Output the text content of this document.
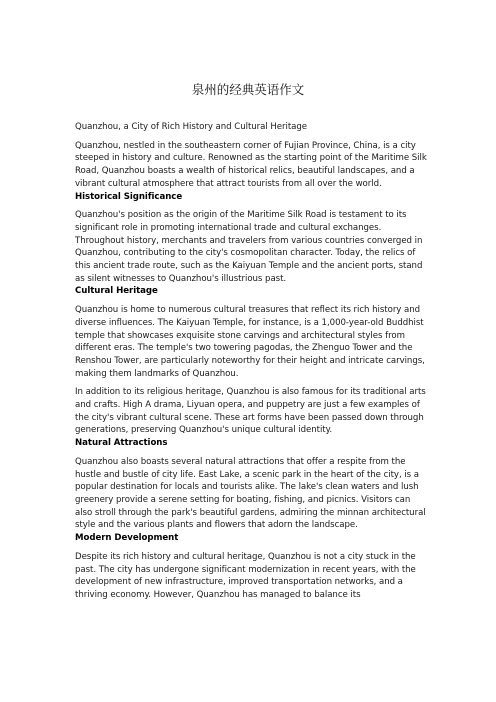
泉州的经典英语作文

Quanzhou, a City of Rich History and Cultural Heritage

Quanzhou, nestled in the southeastern corner of Fujian Province, China, is a city steeped in history and culture. Renowned as the starting point of the Maritime Silk Road, Quanzhou boasts a wealth of historical relics, beautiful landscapes, and a vibrant cultural atmosphere that attract tourists from all over the world.

Historical Significance

Quanzhou's position as the origin of the Maritime Silk Road is testament to its significant role in promoting international trade and cultural exchanges. Throughout history, merchants and travelers from various countries converged in Quanzhou, contributing to the city's cosmopolitan character. Today, the relics of this ancient trade route, such as the Kaiyuan Temple and the ancient ports, stand as silent witnesses to Quanzhou's illustrious past.

Cultural Heritage

Quanzhou is home to numerous cultural treasures that reflect its rich history and diverse influences. The Kaiyuan Temple, for instance, is a 1,000-year-old Buddhist temple that showcases exquisite stone carvings and architectural styles from different eras. The temple's two towering pagodas, the Zhenguo Tower and the Renshou Tower, are particularly noteworthy for their height and intricate carvings, making them landmarks of Quanzhou.

In addition to its religious heritage, Quanzhou is also famous for its traditional arts and crafts. High A drama, Liyuan opera, and puppetry are just a few examples of the city's vibrant cultural scene. These art forms have been passed down through generations, preserving Quanzhou's unique cultural identity.

Natural Attractions

Quanzhou also boasts several natural attractions that offer a respite from the hustle and bustle of city life. East Lake, a scenic park in the heart of the city, is a popular destination for locals and tourists alike. The lake's clean waters and lush greenery provide a serene setting for boating, fishing, and picnics. Visitors can also stroll through the park's beautiful gardens, admiring the minnan architectural style and the various plants and flowers that adorn the landscape.

Modern Development

Despite its rich history and cultural heritage, Quanzhou is not a city stuck in the past. The city has undergone significant modernization in recent years, with the development of new infrastructure, improved transportation networks, and a thriving economy. However, Quanzhou has managed to balance its
